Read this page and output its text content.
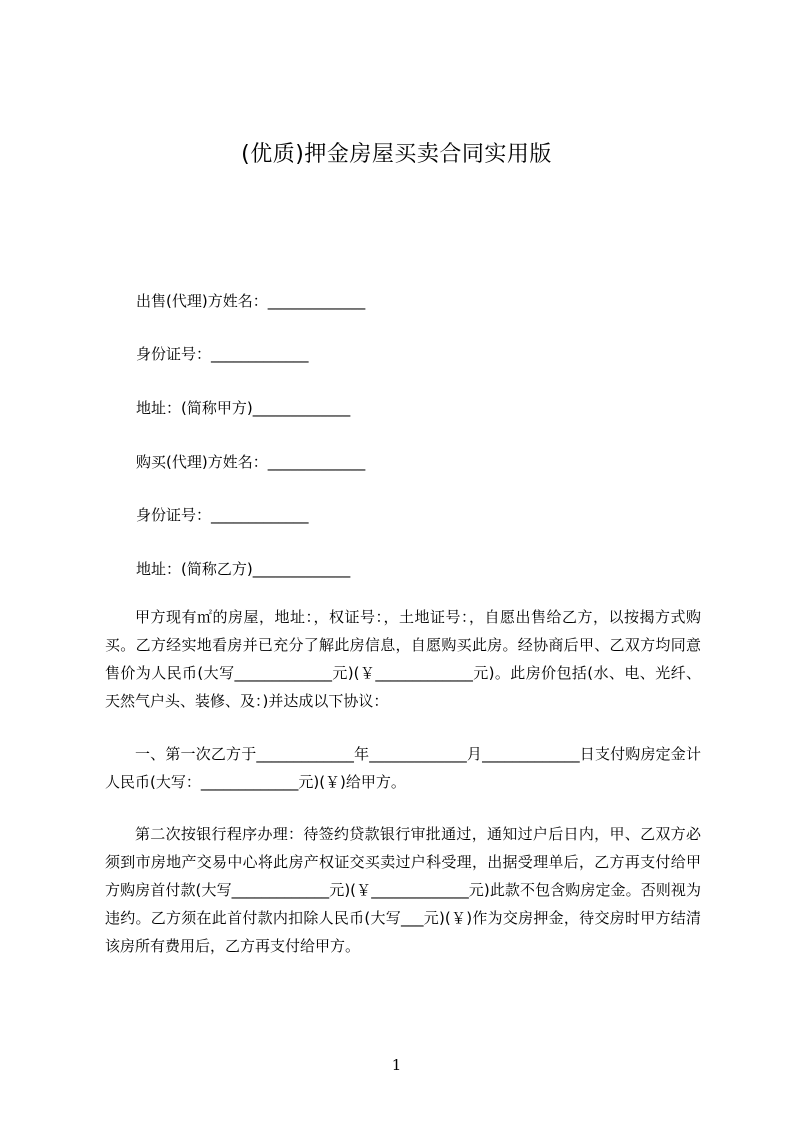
(优质)押金房屋买卖合同实用版
出售(代理)方姓名：_____________
身份证号：_____________
地址：(简称甲方)_____________
购买(代理)方姓名：_____________
身份证号：_____________
地址：(简称乙方)_____________
甲方现有㎡的房屋，地址：，权证号：，土地证号：，自愿出售给乙方，以按揭方式购买。乙方经实地看房并已充分了解此房信息，自愿购买此房。经协商后甲、乙双方均同意售价为人民币(大写_____________元)(￥_____________元)。此房价包括(水、电、光纤、天然气户头、装修、及：)并达成以下协议：
一、第一次乙方于_____________年_____________月_____________日支付购房定金计人民币(大写：_____________元)(￥)给甲方。
第二次按银行程序办理：待签约贷款银行审批通过，通知过户后日内，甲、乙双方必须到市房地产交易中心将此房产权证交买卖过户科受理，出据受理单后，乙方再支付给甲方购房首付款(大写_____________元)(￥_____________元)此款不包含购房定金。否则视为违约。乙方须在此首付款内扣除人民币(大写___元)(￥)作为交房押金，待交房时甲方结清该房所有费用后，乙方再支付给甲方。
1
